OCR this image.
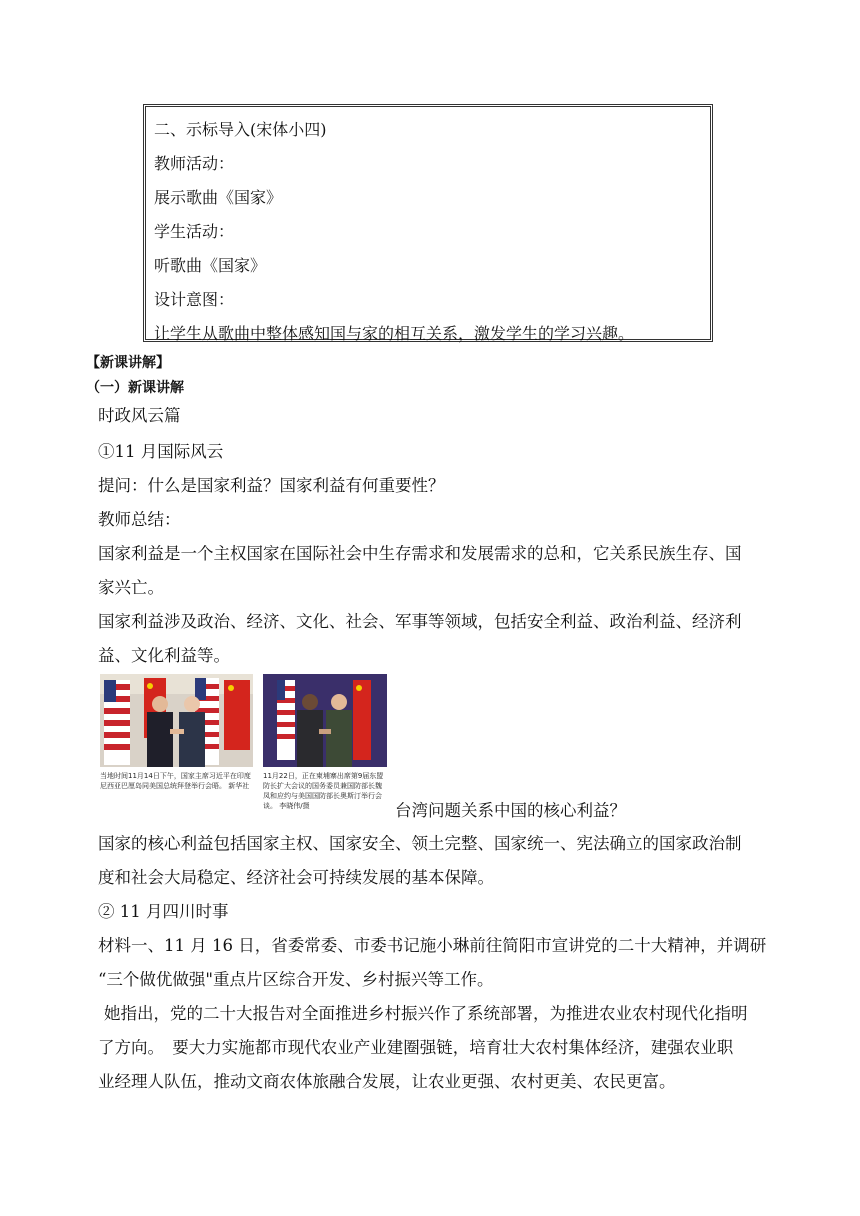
二、示标导入(宋体小四)
教师活动：
展示歌曲《国家》
学生活动：
听歌曲《国家》
设计意图：
让学生从歌曲中整体感知国与家的相互关系，激发学生的学习兴趣。
【新课讲解】
（一）新课讲解
时政风云篇
①11 月国际风云
提问：什么是国家利益？国家利益有何重要性？
教师总结：
国家利益是一个主权国家在国际社会中生存需求和发展需求的总和，它关系民族生存、国
家兴亡。
国家利益涉及政治、经济、文化、社会、军事等领域，包括安全利益、政治利益、经济利
益、文化利益等。
当地时间11月14日下午，国家主席习近平在印度尼西亚巴厘岛同美国总统拜登举行会晤。 新华社
11月22日，正在柬埔寨出席第9届东盟防长扩大会议的国务委员兼国防部长魏凤和应约与美国国防部长奥斯汀举行会谈。 李晓伟/摄	台湾问题关系中国的核心利益？
国家的核心利益包括国家主权、国家安全、领土完整、国家统一、宪法确立的国家政治制
度和社会大局稳定、经济社会可持续发展的基本保障。
② 11 月四川时事
材料一、11 月 16 日，省委常委、市委书记施小琳前往简阳市宣讲党的二十大精神，并调研
“三个做优做强"重点片区综合开发、乡村振兴等工作。
她指出，党的二十大报告对全面推进乡村振兴作了系统部署，为推进农业农村现代化指明
了方向。　要大力实施都市现代农业产业建圈强链，培育壮大农村集体经济，建强农业职
业经理人队伍，推动文商农体旅融合发展，让农业更强、农村更美、农民更富。
